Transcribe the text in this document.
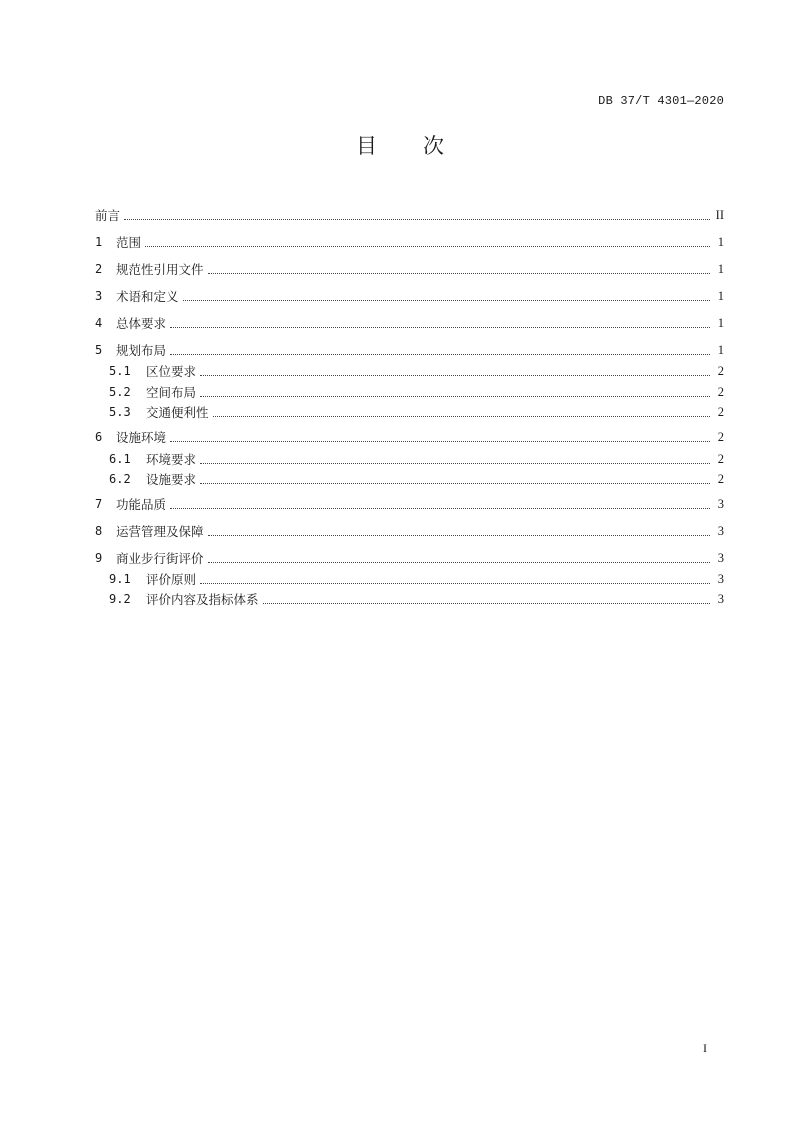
DB 37/T 4301—2020
目 次
前言	II
1	范围	1
2	规范性引用文件	1
3	术语和定义	1
4	总体要求	1
5	规划布局	1
5.1	区位要求	2
5.2	空间布局	2
5.3	交通便利性	2
6	设施环境	2
6.1	环境要求	2
6.2	设施要求	2
7	功能品质	3
8	运营管理及保障	3
9	商业步行街评价	3
9.1	评价原则	3
9.2	评价内容及指标体系	3
I
